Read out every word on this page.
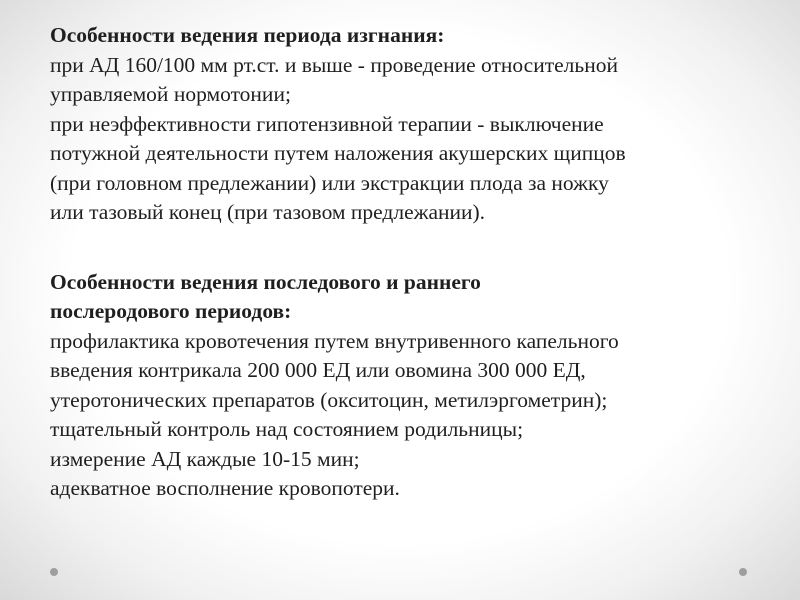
Особенности ведения периода изгнания:
при АД 160/100 мм рт.ст. и выше - проведение относительной
управляемой нормотонии;
при неэффективности гипотензивной терапии - выключение
потужной деятельности путем наложения акушерских щипцов
(при головном предлежании) или экстракции плода за ножку
или тазовый конец (при тазовом предлежании).
Особенности ведения последового и раннего
послеродового периодов:
профилактика кровотечения путем внутривенного капельного
введения контрикала 200 000 ЕД или овомина 300 000 ЕД,
утеротонических препаратов (окситоцин, метилэргометрин);
тщательный контроль над состоянием родильницы;
измерение АД каждые 10-15 мин;
адекватное восполнение кровопотери.
